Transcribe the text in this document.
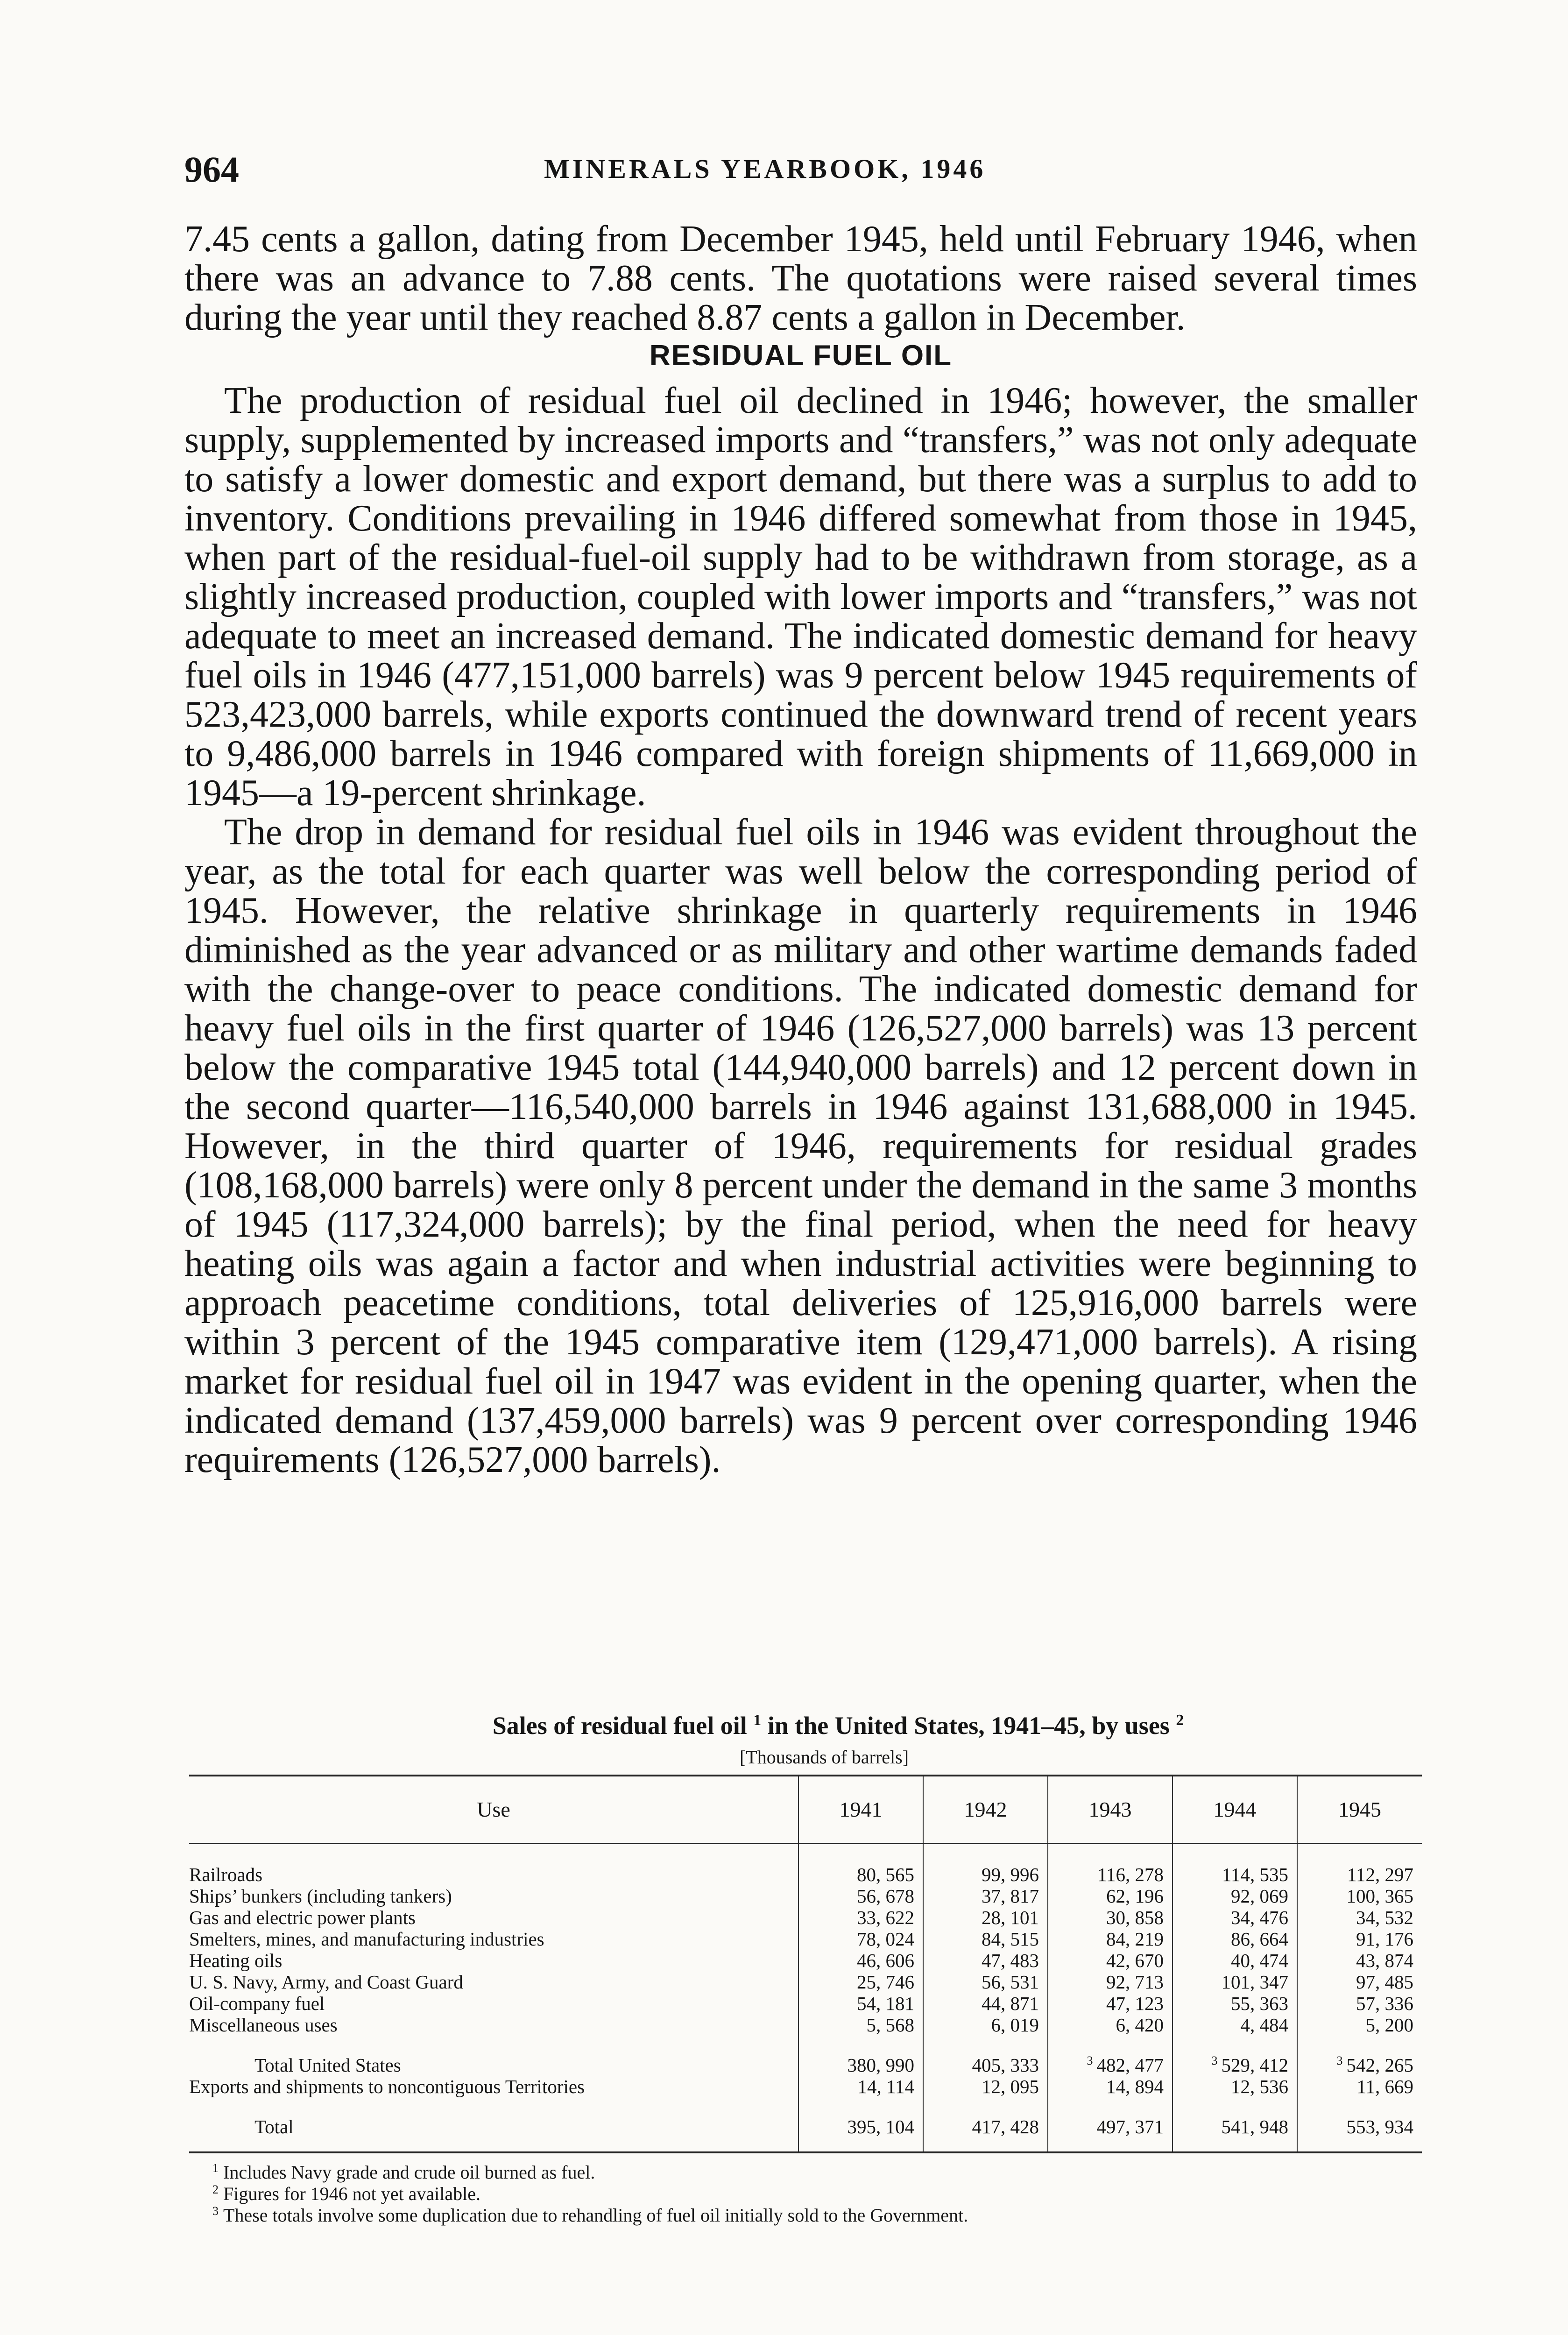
964	MINERALS YEARBOOK, 1946

7.45 cents a gallon, dating from December 1945, held until February 1946, when there was an advance to 7.88 cents. The quotations were raised several times during the year until they reached 8.87 cents a gallon in December.

RESIDUAL FUEL OIL

The production of residual fuel oil declined in 1946; however, the smaller supply, supplemented by increased imports and “transfers,” was not only adequate to satisfy a lower domestic and export demand, but there was a surplus to add to inventory. Conditions prevailing in 1946 differed somewhat from those in 1945, when part of the residual-fuel-oil supply had to be withdrawn from storage, as a slightly increased production, coupled with lower imports and “transfers,” was not adequate to meet an increased demand. The indicated domestic demand for heavy fuel oils in 1946 (477,151,000 barrels) was 9 percent below 1945 requirements of 523,423,000 barrels, while exports continued the downward trend of recent years to 9,486,000 barrels in 1946 compared with foreign shipments of 11,669,000 in 1945—a 19-percent shrinkage.

The drop in demand for residual fuel oils in 1946 was evident throughout the year, as the total for each quarter was well below the corresponding period of 1945. However, the relative shrinkage in quarterly requirements in 1946 diminished as the year advanced or as military and other wartime demands faded with the change-over to peace conditions. The indicated domestic demand for heavy fuel oils in the first quarter of 1946 (126,527,000 barrels) was 13 percent below the comparative 1945 total (144,940,000 barrels) and 12 percent down in the second quarter—116,540,000 barrels in 1946 against 131,688,000 in 1945. However, in the third quarter of 1946, requirements for residual grades (108,168,000 barrels) were only 8 percent under the demand in the same 3 months of 1945 (117,324,000 barrels); by the final period, when the need for heavy heating oils was again a factor and when industrial activities were beginning to approach peacetime conditions, total deliveries of 125,916,000 barrels were within 3 percent of the 1945 comparative item (129,471,000 barrels). A rising market for residual fuel oil in 1947 was evident in the opening quarter, when the indicated demand (137,459,000 barrels) was 9 percent over corresponding 1946 requirements (126,527,000 barrels).

Sales of residual fuel oil $^1$ in the United States, 1941–45, by uses $^2$
[Thousands of barrels]
Use	1941	1942	1943	1944	1945

Railroads	80, 565	99, 996	116, 278	114, 535	112, 297
Ships’ bunkers (including tankers)	56, 678	37, 817	62, 196	92, 069	100, 365
Gas and electric power plants	33, 622	28, 101	30, 858	34, 476	34, 532
Smelters, mines, and manufacturing industries	78, 024	84, 515	84, 219	86, 664	91, 176
Heating oils	46, 606	47, 483	42, 670	40, 474	43, 874
U. S. Navy, Army, and Coast Guard	25, 746	56, 531	92, 713	101, 347	97, 485
Oil-company fuel	54, 181	44, 871	47, 123	55, 363	57, 336
Miscellaneous uses	5, 568	6, 019	6, 420	4, 484	5, 200

Total United States	380, 990	405, 333	$^3$ 482, 477	$^3$ 529, 412	$^3$ 542, 265
Exports and shipments to noncontiguous Territories	14, 114	12, 095	14, 894	12, 536	11, 669

Total	395, 104	417, 428	497, 371	541, 948	553, 934

$^1$ Includes Navy grade and crude oil burned as fuel.
$^2$ Figures for 1946 not yet available.
$^3$ These totals involve some duplication due to rehandling of fuel oil initially sold to the Government.
